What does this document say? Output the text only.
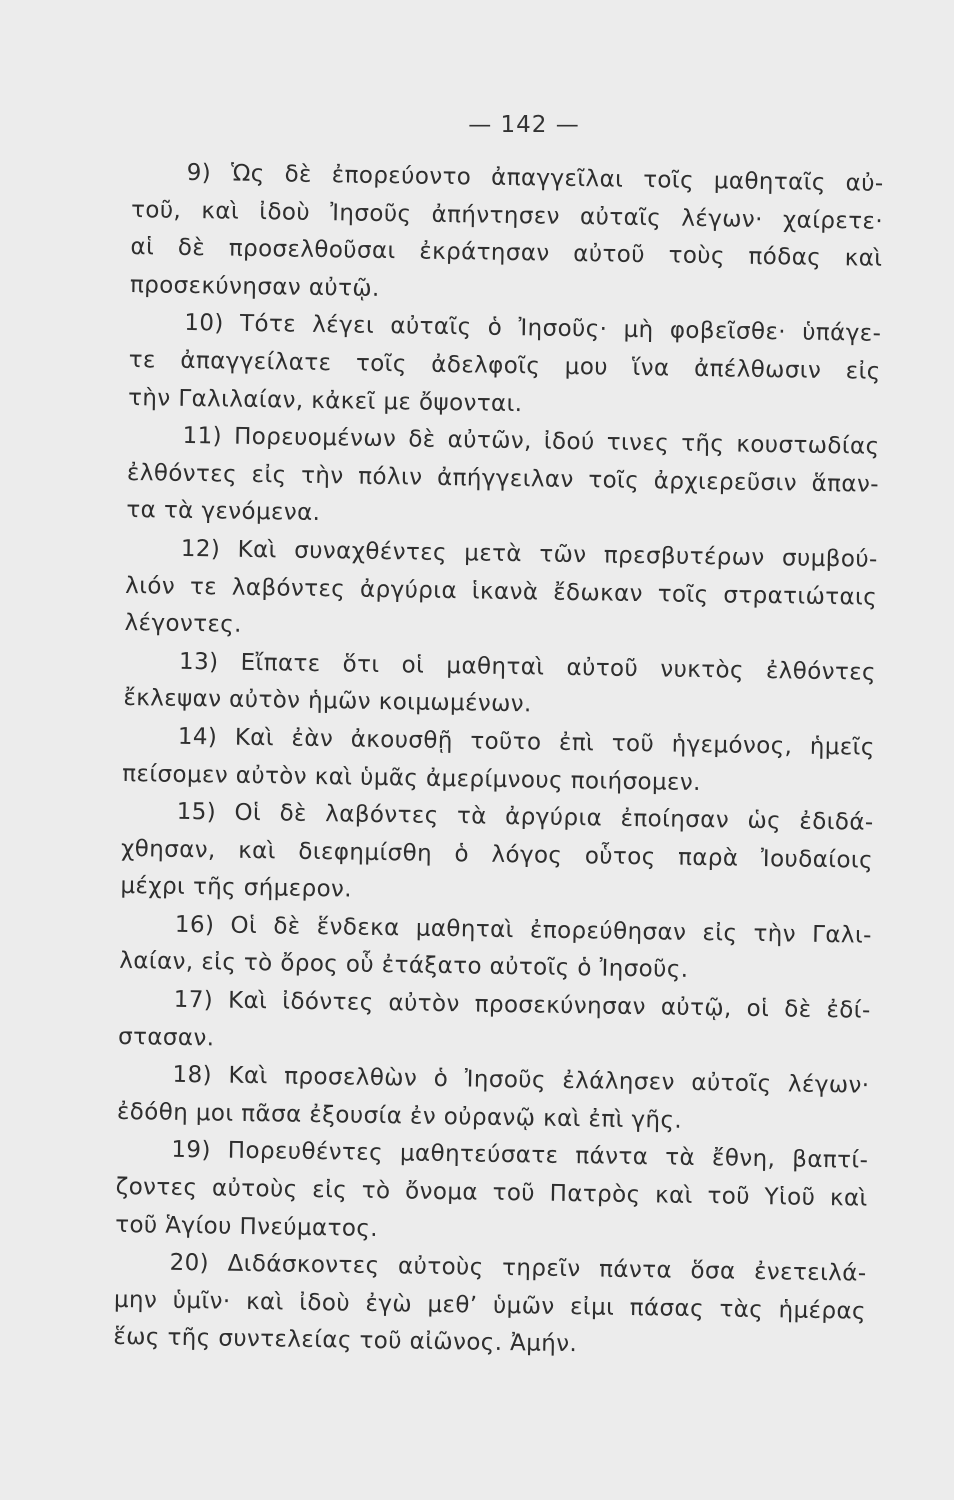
— 142 —
9) Ὡς δὲ ἐπορεύοντο ἀπαγγεῖλαι τοῖς μαθηταῖς αὐ-
τοῦ, καὶ ἰδοὺ Ἰησοῦς ἀπήντησεν αὐταῖς λέγων· χαίρετε·
αἱ δὲ προσελθοῦσαι ἐκράτησαν αὐτοῦ τοὺς πόδας καὶ
προσεκύνησαν αὐτῷ.
10) Τότε λέγει αὐταῖς ὁ Ἰησοῦς· μὴ φοβεῖσθε· ὑπάγε-
τε ἀπαγγείλατε τοῖς ἀδελφοῖς μου ἵνα ἀπέλθωσιν εἰς
τὴν Γαλιλαίαν, κἀκεῖ με ὄψονται.
11) Πορευομένων δὲ αὐτῶν, ἰδού τινες τῆς κουστωδίας
ἐλθόντες εἰς τὴν πόλιν ἀπήγγειλαν τοῖς ἀρχιερεῦσιν ἅπαν-
τα τὰ γενόμενα.
12) Καὶ συναχθέντες μετὰ τῶν πρεσβυτέρων συμβού-
λιόν τε λαβόντες ἀργύρια ἱκανὰ ἔδωκαν τοῖς στρατιώταις
λέγοντες.
13) Εἴπατε ὅτι οἱ μαθηταὶ αὐτοῦ νυκτὸς ἐλθόντες
ἔκλεψαν αὐτὸν ἡμῶν κοιμωμένων.
14) Καὶ ἐὰν ἀκουσθῇ τοῦτο ἐπὶ τοῦ ἡγεμόνος, ἡμεῖς
πείσομεν αὐτὸν καὶ ὑμᾶς ἀμερίμνους ποιήσομεν.
15) Οἱ δὲ λαβόντες τὰ ἀργύρια ἐποίησαν ὡς ἐδιδά-
χθησαν, καὶ διεφημίσθη ὁ λόγος οὗτος παρὰ Ἰουδαίοις
μέχρι τῆς σήμερον.
16) Οἱ δὲ ἕνδεκα μαθηταὶ ἐπορεύθησαν εἰς τὴν Γαλι-
λαίαν, εἰς τὸ ὄρος οὗ ἐτάξατο αὐτοῖς ὁ Ἰησοῦς.
17) Καὶ ἰδόντες αὐτὸν προσεκύνησαν αὐτῷ, οἱ δὲ ἐδί-
στασαν.
18) Καὶ προσελθὼν ὁ Ἰησοῦς ἐλάλησεν αὐτοῖς λέγων·
ἐδόθη μοι πᾶσα ἐξουσία ἐν οὐρανῷ καὶ ἐπὶ γῆς.
19) Πορευθέντες μαθητεύσατε πάντα τὰ ἔθνη, βαπτί-
ζοντες αὐτοὺς εἰς τὸ ὄνομα τοῦ Πατρὸς καὶ τοῦ Υἱοῦ καὶ
τοῦ Ἁγίου Πνεύματος.
20) Διδάσκοντες αὐτοὺς τηρεῖν πάντα ὅσα ἐνετειλά-
μην ὑμῖν· καὶ ἰδοὺ ἐγὼ μεθ’ ὑμῶν εἰμι πάσας τὰς ἡμέρας
ἕως τῆς συντελείας τοῦ αἰῶνος. Ἀμήν.
